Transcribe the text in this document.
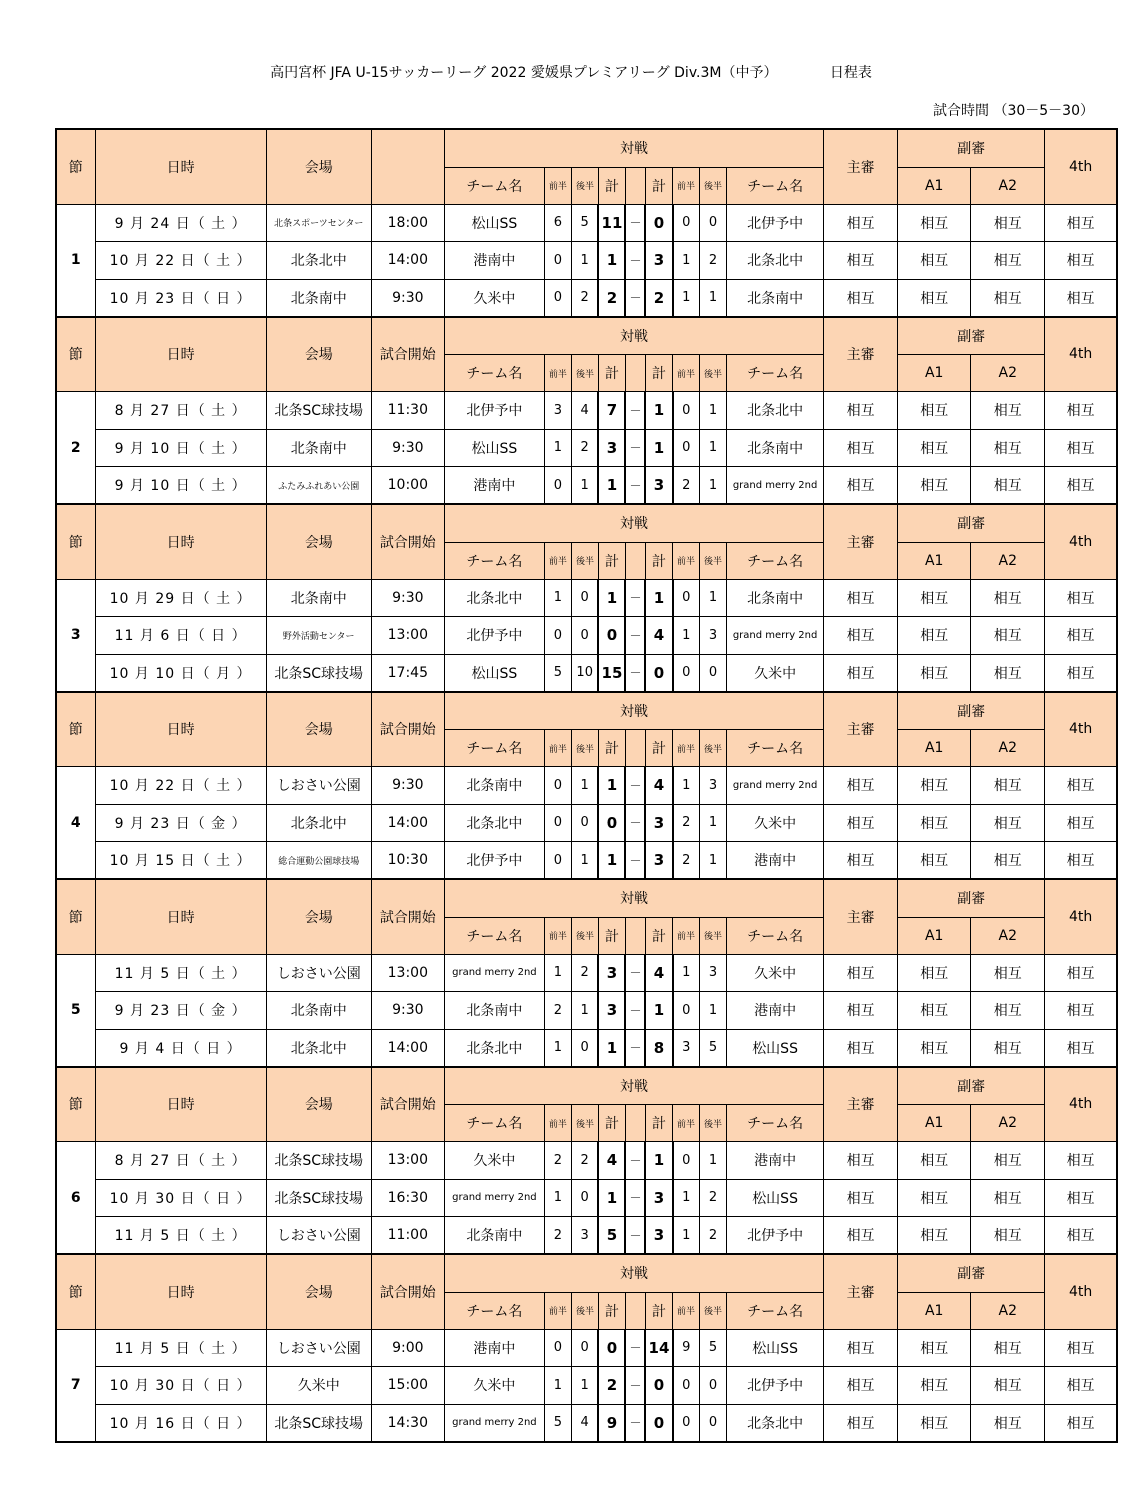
高円宮杯 JFA U-15サッカーリーグ 2022 愛媛県プレミアリーグ Div.3M（中予）	日程表
試合時間 （30－5－30）
節	日時	会場		対戦									主審	副審		4th
				チーム名	前半	後半	計		計	前半	後半	チーム名		A1	A2	
1	9 月 24 日（ 土 ）	北条スポーツセンター	18:00	松山SS	6	5	11	－	0	0	0	北伊予中	相互	相互	相互	相互
	10 月 22 日（ 土 ）	北条北中	14:00	港南中	0	1	1	－	3	1	2	北条北中	相互	相互	相互	相互
	10 月 23 日（ 日 ）	北条南中	9:30	久米中	0	2	2	－	2	1	1	北条南中	相互	相互	相互	相互
節	日時	会場	試合開始	対戦									主審	副審		4th
				チーム名	前半	後半	計		計	前半	後半	チーム名		A1	A2	
2	8 月 27 日（ 土 ）	北条SC球技場	11:30	北伊予中	3	4	7	－	1	0	1	北条北中	相互	相互	相互	相互
	9 月 10 日（ 土 ）	北条南中	9:30	松山SS	1	2	3	－	1	0	1	北条南中	相互	相互	相互	相互
	9 月 10 日（ 土 ）	ふたみふれあい公園	10:00	港南中	0	1	1	－	3	2	1	grand merry 2nd	相互	相互	相互	相互
節	日時	会場	試合開始	対戦									主審	副審		4th
				チーム名	前半	後半	計		計	前半	後半	チーム名		A1	A2	
3	10 月 29 日（ 土 ）	北条南中	9:30	北条北中	1	0	1	－	1	0	1	北条南中	相互	相互	相互	相互
	11 月 6 日（ 日 ）	野外活動センター	13:00	北伊予中	0	0	0	－	4	1	3	grand merry 2nd	相互	相互	相互	相互
	10 月 10 日（ 月 ）	北条SC球技場	17:45	松山SS	5	10	15	－	0	0	0	久米中	相互	相互	相互	相互
節	日時	会場	試合開始	対戦									主審	副審		4th
				チーム名	前半	後半	計		計	前半	後半	チーム名		A1	A2	
4	10 月 22 日（ 土 ）	しおさい公園	9:30	北条南中	0	1	1	－	4	1	3	grand merry 2nd	相互	相互	相互	相互
	9 月 23 日（ 金 ）	北条北中	14:00	北条北中	0	0	0	－	3	2	1	久米中	相互	相互	相互	相互
	10 月 15 日（ 土 ）	総合運動公園球技場	10:30	北伊予中	0	1	1	－	3	2	1	港南中	相互	相互	相互	相互
節	日時	会場	試合開始	対戦									主審	副審		4th
				チーム名	前半	後半	計		計	前半	後半	チーム名		A1	A2	
5	11 月 5 日（ 土 ）	しおさい公園	13:00	grand merry 2nd	1	2	3	－	4	1	3	久米中	相互	相互	相互	相互
	9 月 23 日（ 金 ）	北条南中	9:30	北条南中	2	1	3	－	1	0	1	港南中	相互	相互	相互	相互
	9 月 4 日（ 日 ）	北条北中	14:00	北条北中	1	0	1	－	8	3	5	松山SS	相互	相互	相互	相互
節	日時	会場	試合開始	対戦									主審	副審		4th
				チーム名	前半	後半	計		計	前半	後半	チーム名		A1	A2	
6	8 月 27 日（ 土 ）	北条SC球技場	13:00	久米中	2	2	4	－	1	0	1	港南中	相互	相互	相互	相互
	10 月 30 日（ 日 ）	北条SC球技場	16:30	grand merry 2nd	1	0	1	－	3	1	2	松山SS	相互	相互	相互	相互
	11 月 5 日（ 土 ）	しおさい公園	11:00	北条南中	2	3	5	－	3	1	2	北伊予中	相互	相互	相互	相互
節	日時	会場	試合開始	対戦									主審	副審		4th
				チーム名	前半	後半	計		計	前半	後半	チーム名		A1	A2	
7	11 月 5 日（ 土 ）	しおさい公園	9:00	港南中	0	0	0	－	14	9	5	松山SS	相互	相互	相互	相互
	10 月 30 日（ 日 ）	久米中	15:00	久米中	1	1	2	－	0	0	0	北伊予中	相互	相互	相互	相互
	10 月 16 日（ 日 ）	北条SC球技場	14:30	grand merry 2nd	5	4	9	－	0	0	0	北条北中	相互	相互	相互	相互
